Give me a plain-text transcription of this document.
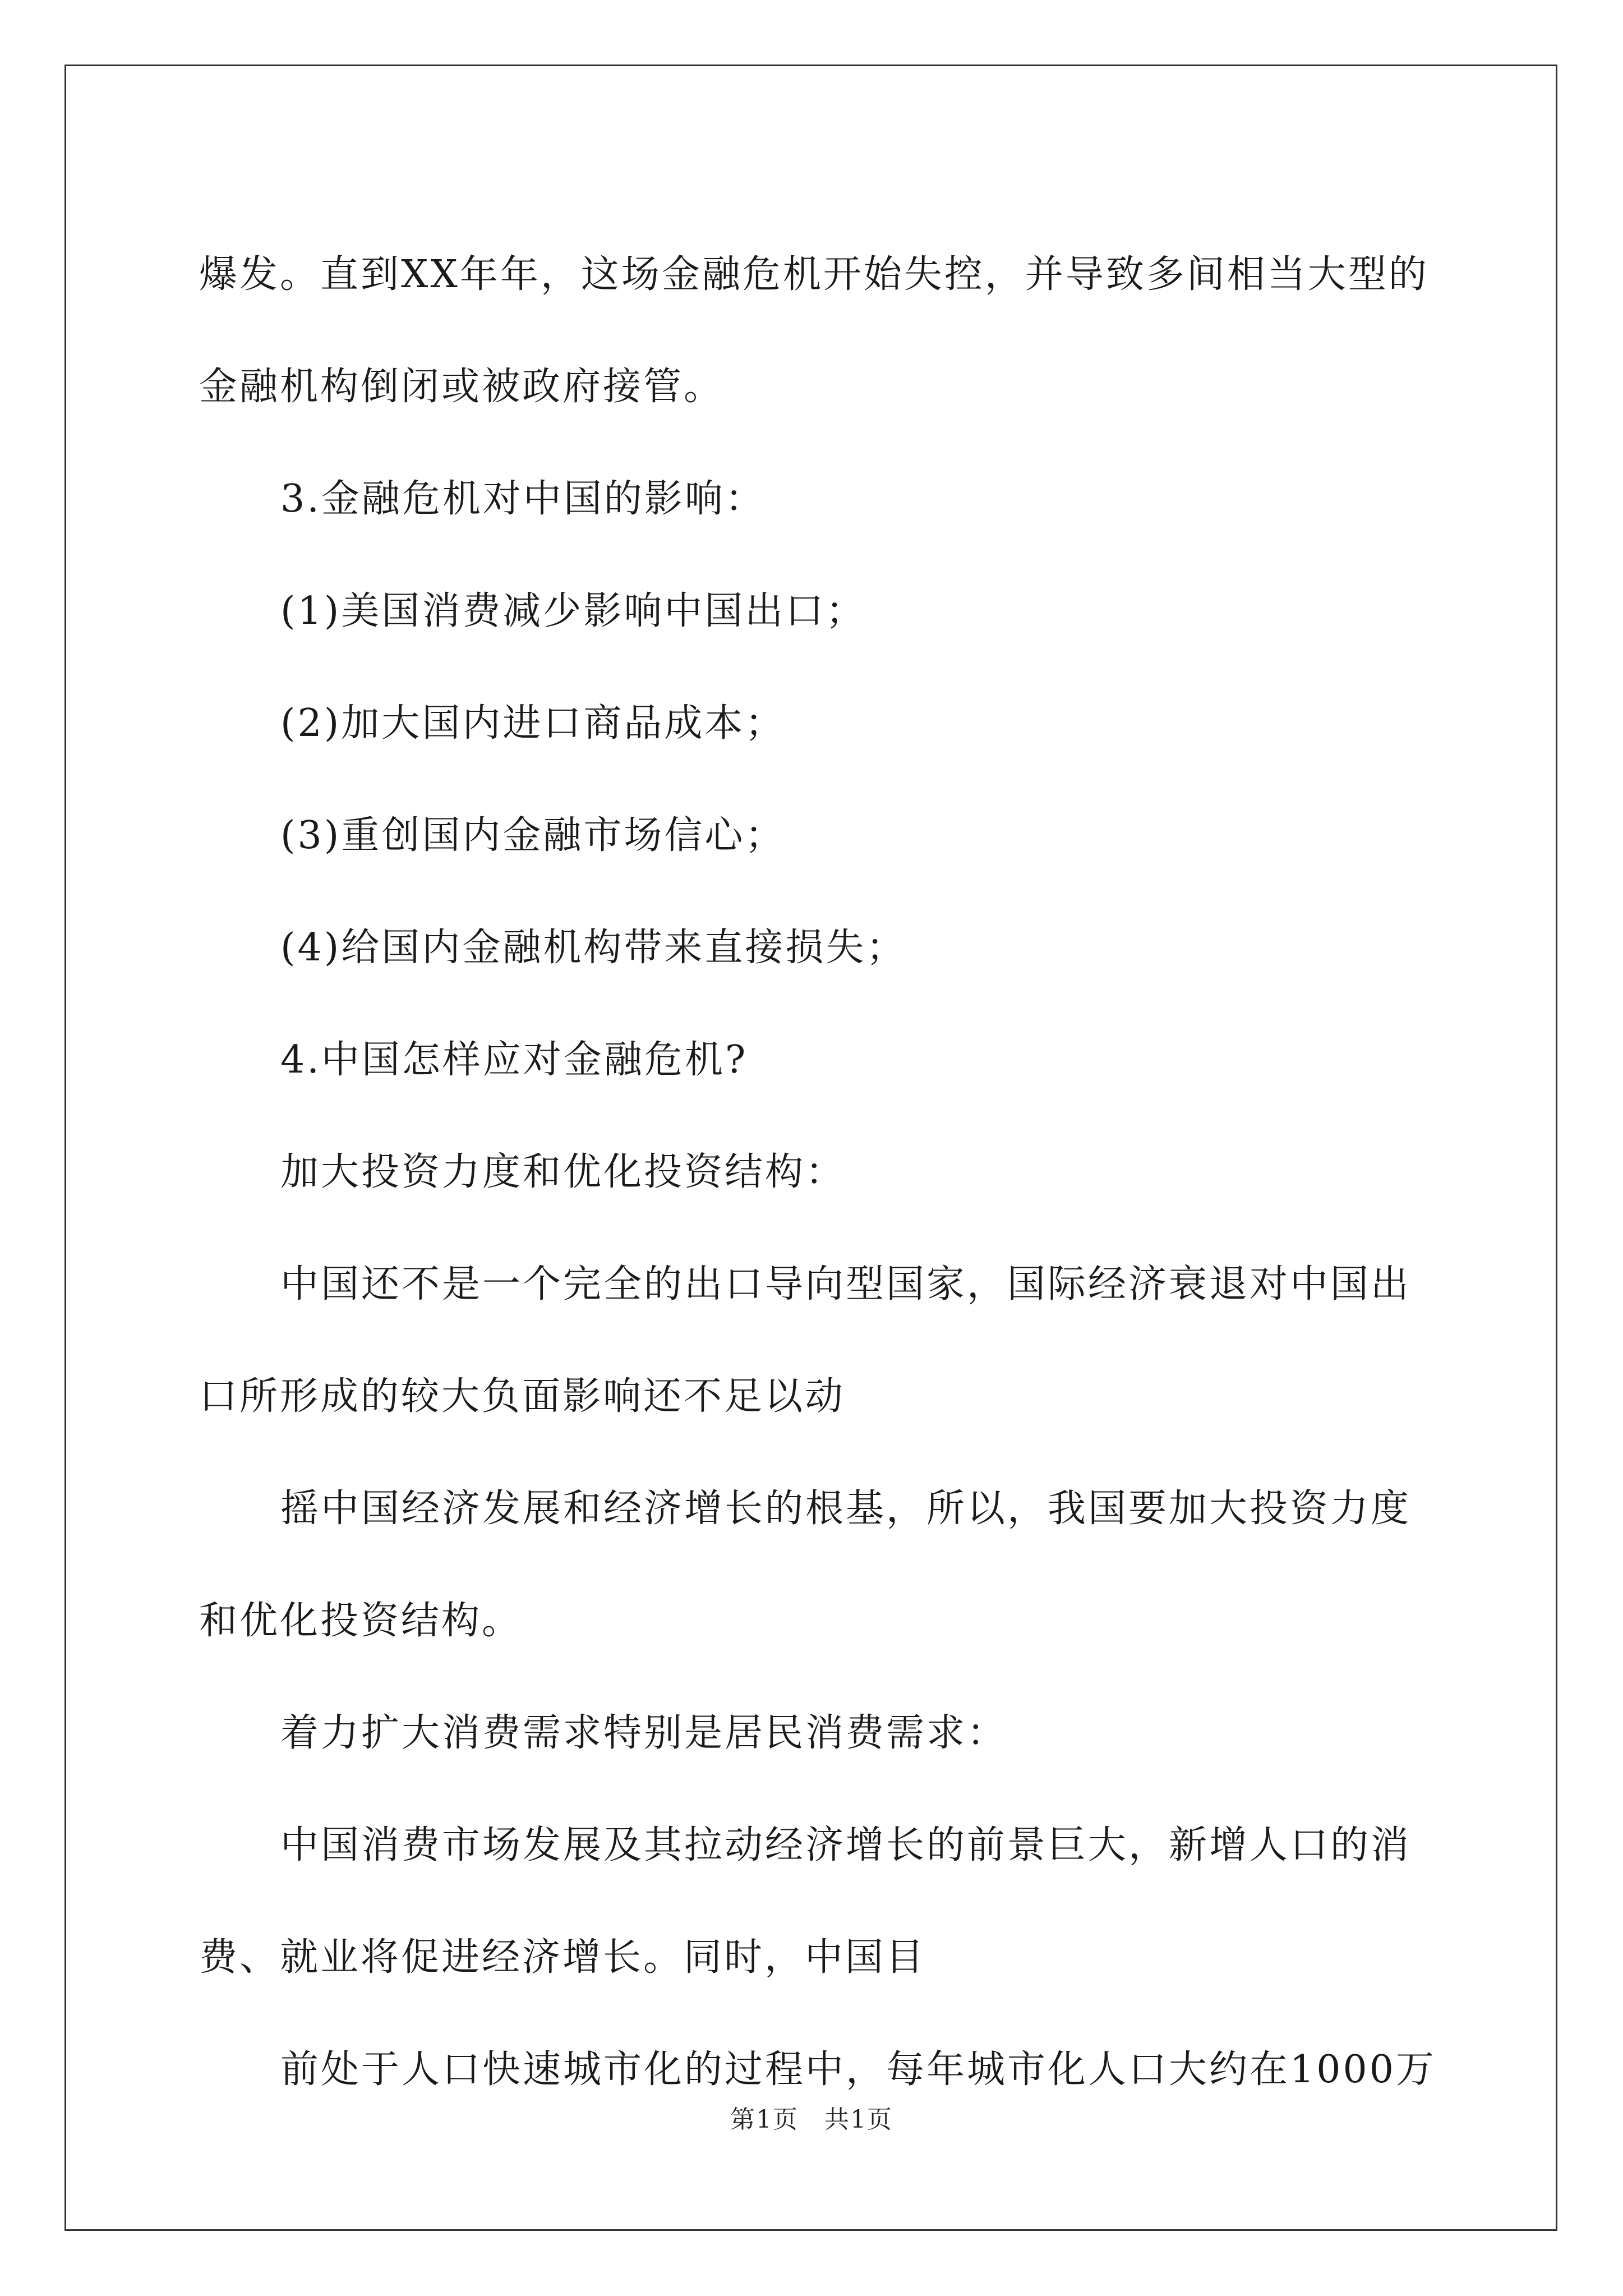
爆发。直到XX年年，这场金融危机开始失控，并导致多间相当大型的
金融机构倒闭或被政府接管。
3.金融危机对中国的影响：
(1)美国消费减少影响中国出口；
(2)加大国内进口商品成本；
(3)重创国内金融市场信心；
(4)给国内金融机构带来直接损失；
4.中国怎样应对金融危机?
加大投资力度和优化投资结构：
中国还不是一个完全的出口导向型国家，国际经济衰退对中国出
口所形成的较大负面影响还不足以动
摇中国经济发展和经济增长的根基，所以，我国要加大投资力度
和优化投资结构。
着力扩大消费需求特别是居民消费需求：
中国消费市场发展及其拉动经济增长的前景巨大，新增人口的消
费、就业将促进经济增长。同时，中国目
前处于人口快速城市化的过程中，每年城市化人口大约在1000万
第1页　共1页
